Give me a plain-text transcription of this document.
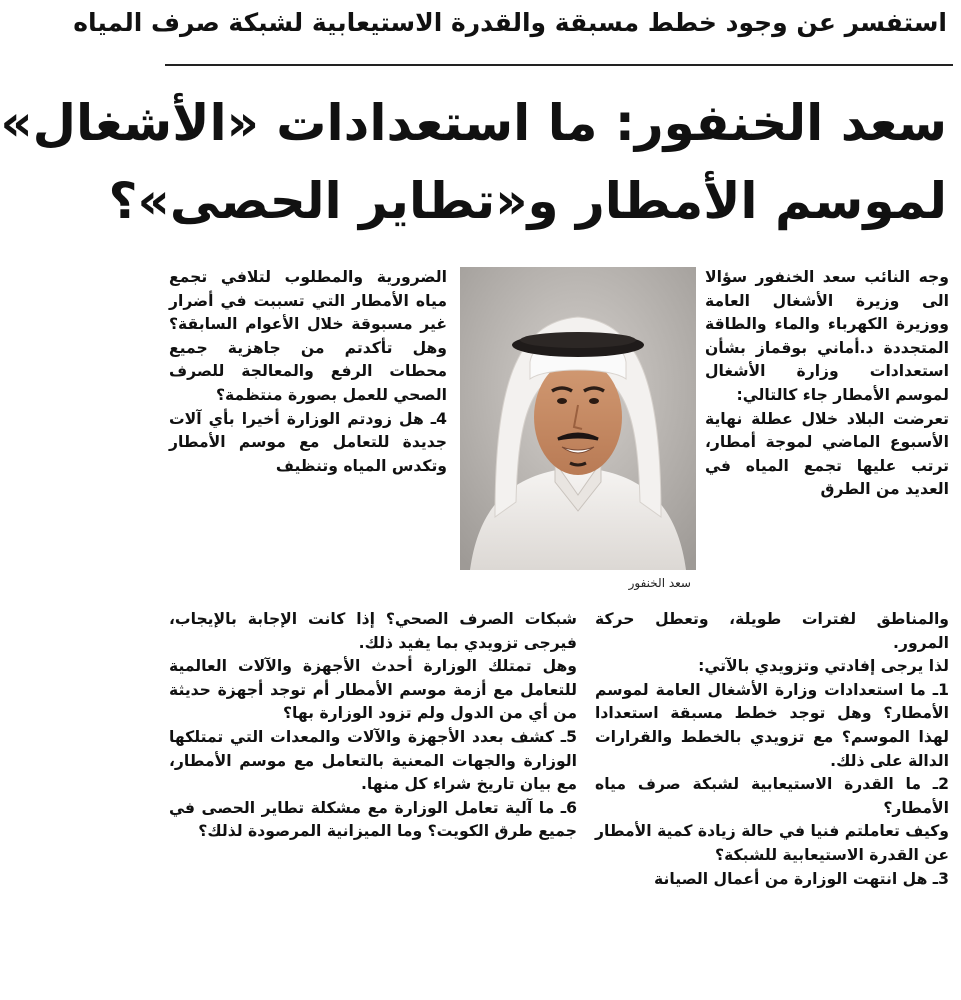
استفسر عن وجود خطط مسبقة والقدرة الاستيعابية لشبكة صرف المياه
سعد الخنفور: ما استعدادات «الأشغال»
لموسم الأمطار و«تطاير الحصى»؟

وجه النائب سعد الخنفور سؤالا الى وزيرة الأشغال العامة ووزيرة الكهرباء والماء والطاقة المتجددة د.أماني بوقماز بشأن استعدادات وزارة الأشغال لموسم الأمطار جاء كالتالي:

تعرضت البلاد خلال عطلة نهاية الأسبوع الماضي لموجة أمطار، ترتب عليها تجمع المياه في العديد من الطرق

والمناطق لفترات طويلة، وتعطل حركة المرور.

لذا يرجى إفادتي وتزويدي بالآتي:

1ـ ما استعدادات وزارة الأشغال العامة لموسم الأمطار؟ وهل توجد خطط مسبقة استعدادا لهذا الموسم؟ مع تزويدي بالخطط والقرارات الدالة على ذلك.

2ـ ما القدرة الاستيعابية لشبكة صرف مياه الأمطار؟

وكيف تعاملتم فنيا في حالة زيادة كمية الأمطار عن القدرة الاستيعابية للشبكة؟

3ـ هل انتهت الوزارة من أعمال الصيانة

سعد الخنفور

الضرورية والمطلوب لتلافي تجمع مياه الأمطار التي تسببت في أضرار غير مسبوقة خلال الأعوام السابقة؟ وهل تأكدتم من جاهزية جميع محطات الرفع والمعالجة للصرف الصحي للعمل بصورة منتظمة؟

4ـ هل زودتم الوزارة أخيرا بأي آلات جديدة للتعامل مع موسم الأمطار وتكدس المياه وتنظيف

شبكات الصرف الصحي؟ إذا كانت الإجابة بالإيجاب، فيرجى تزويدي بما يفيد ذلك.

وهل تمتلك الوزارة أحدث الأجهزة والآلات العالمية للتعامل مع أزمة موسم الأمطار أم توجد أجهزة حديثة من أي من الدول ولم تزود الوزارة بها؟

5ـ كشف بعدد الأجهزة والآلات والمعدات التي تمتلكها الوزارة والجهات المعنية بالتعامل مع موسم الأمطار، مع بيان تاريخ شراء كل منها.

6ـ ما آلية تعامل الوزارة مع مشكلة تطاير الحصى في جميع طرق الكويت؟ وما الميزانية المرصودة لذلك؟
